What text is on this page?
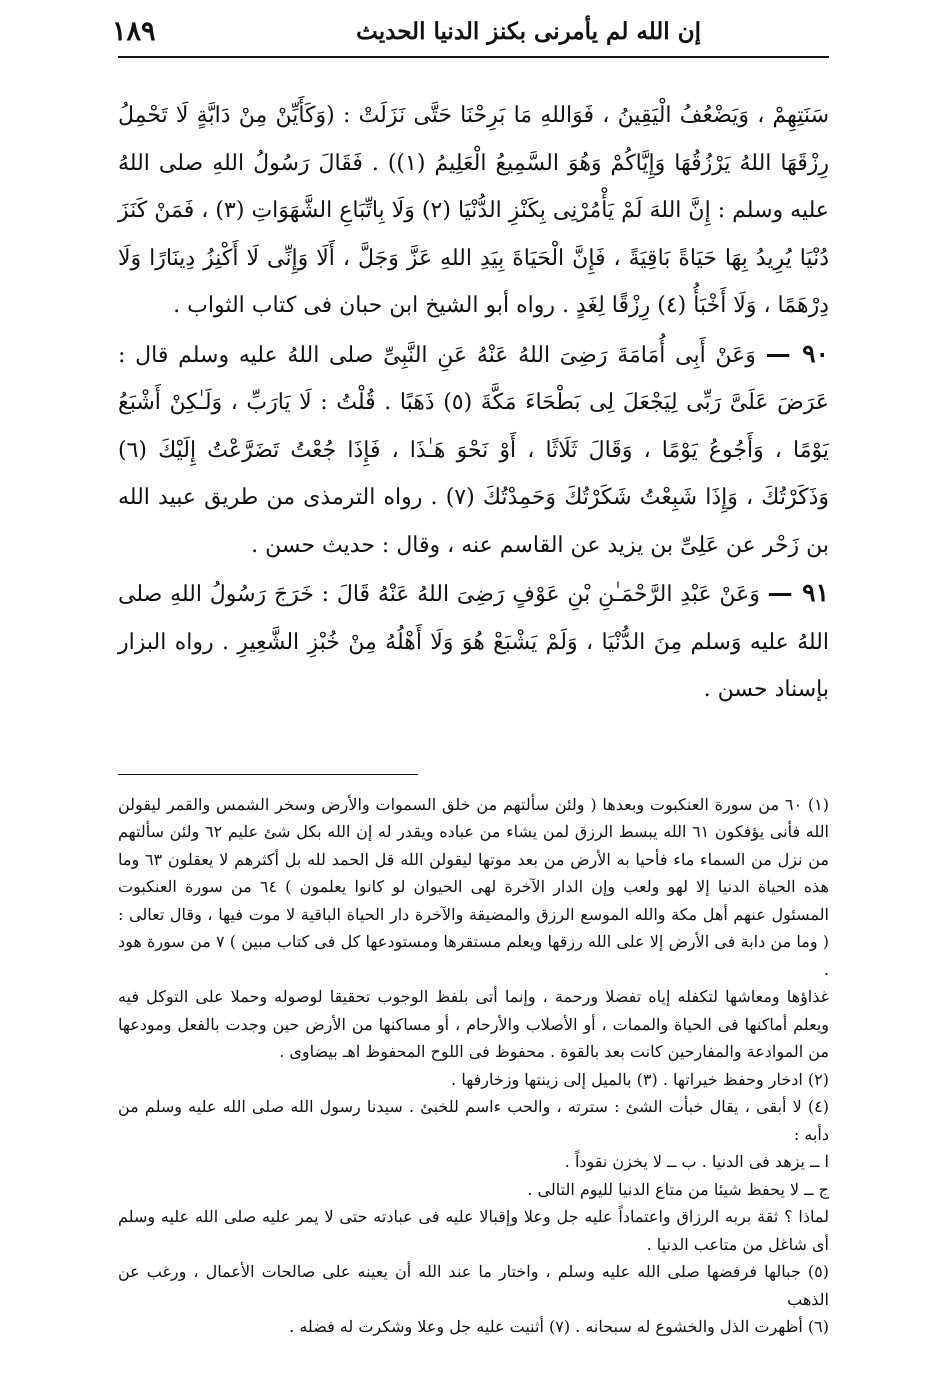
١٨٩	إن الله لم يأمرنى بكنز الدنيا الحديث

سَنَتِهِمْ ، وَيَضْعُفُ الْيَقِينُ ، فَوَاللهِ مَا بَرِحْنَا حَتَّى نَزَلَتْ : (وَكَأَيِّنْ مِنْ دَابَّةٍ لَا تَحْمِلُ رِزْقَهَا اللهُ يَرْزُقُهَا وَإِيَّاكُمْ وَهُوَ السَّمِيعُ الْعَلِيمُ (١)) . فَقَالَ رَسُولُ اللهِ صلى اللهُ عليه وسلم : إِنَّ اللهَ لَمْ يَأْمُرْنِى بِكَنْزِ الدُّنْيَا (٢) وَلَا بِاتِّبَاعِ الشَّهَوَاتِ (٣) ، فَمَنْ كَنَزَ دُنْيَا يُرِيدُ بِهَا حَيَاةً بَاقِيَةً ، فَإِنَّ الْحَيَاةَ بِيَدِ اللهِ عَزَّ وَجَلَّ ، أَلَا وَإِنِّى لَا أَكْنِزُ دِينَارًا وَلَا دِرْهَمًا ، وَلَا أَخْبَأُ (٤) رِزْقًا لِغَدٍ . رواه أبو الشيخ ابن حبان فى كتاب الثواب .

٩٠ — وَعَنْ أَبِى أُمَامَةَ رَضِىَ اللهُ عَنْهُ عَنِ النَّبِىِّ صلى اللهُ عليه وسلم قال : عَرَضَ عَلَىَّ رَبِّى لِيَجْعَلَ لِى بَطْحَاءَ مَكَّةَ (٥) ذَهَبًا . قُلْتُ : لَا يَارَبِّ ، وَلَـٰكِنْ أَشْبَعُ يَوْمًا ، وَأَجُوعُ يَوْمًا ، وَقَالَ ثَلَاثًا ، أَوْ نَحْوَ هَـٰذَا ، فَإِذَا جُعْتُ تَضَرَّعْتُ إِلَيْكَ (٦) وَذَكَرْتُكَ ، وَإِذَا شَبِعْتُ شَكَرْتُكَ وَحَمِدْتُكَ (٧) . رواه الترمذى من طريق عبيد الله بن زَحْر عن عَلِىِّ بن يزيد عن القاسم عنه ، وقال : حديث حسن .

٩١ — وَعَنْ عَبْدِ الرَّحْمَـٰنِ بْنِ عَوْفٍ رَضِىَ اللهُ عَنْهُ قَالَ : خَرَجَ رَسُولُ اللهِ صلى اللهُ عليه وَسلم مِنَ الدُّنْيَا ، وَلَمْ يَشْبَعْ هُوَ وَلَا أَهْلُهُ مِنْ خُبْزِ الشَّعِيرِ . رواه البزار بإسناد حسن .

(١) ٦٠ من سورة العنكبوت وبعدها ( ولئن سألتهم من خلق السموات والأرض وسخر الشمس والقمر ليقولن الله فأنى يؤفكون ٦١ الله يبسط الرزق لمن يشاء من عباده ويقدر له إن الله بكل شئ عليم ٦٢ ولئن سألتهم من نزل من السماء ماء فأحيا به الأرض من بعد موتها ليقولن الله قل الحمد لله بل أكثرهم لا يعقلون ٦٣ وما هذه الحياة الدنيا إلا لهو ولعب وإن الدار الآخرة لهى الحيوان لو كانوا يعلمون ) ٦٤ من سورة العنكبوت المسئول عنهم أهل مكة والله الموسع الرزق والمضيقة والآخرة دار الحياة الباقية لا موت فيها ، وقال تعالى : ( وما من دابة فى الأرض إلا على الله رزقها ويعلم مستقرها ومستودعها كل فى كتاب مبين ) ٧ من سورة هود .

غذاؤها ومعاشها لتكفله إياه تفضلا ورحمة ، وإنما أتى بلفظ الوجوب تحقيقا لوصوله وحملا على التوكل فيه ويعلم أماكنها فى الحياة والممات ، أو الأصلاب والأرحام ، أو مساكنها من الأرض حين وجدت بالفعل ومودعها من الموادعة والمفارحين كانت بعد بالقوة . محفوظ فى اللوح المحفوظ اهـ بيضاوى .

(٢) ادخار وحفظ خيراتها . (٣) بالميل إلى زينتها وزخارفها .

(٤) لا أبقى ، يقال خبأت الشئ : سترته ، والحب ءاسم للخبئ . سيدنا رسول الله صلى الله عليه وسلم من دأبه :

ا ــ يزهد فى الدنيا . ب ــ لا يخزن نقوداً .

ج ــ لا يحفظ شيئا من متاع الدنيا لليوم التالى .

لماذا ؟ ثقة بربه الرزاق واعتماداً عليه جل وعلا وإقبالا عليه فى عبادته حتى لا يمر عليه صلى الله عليه وسلم أى شاغل من متاعب الدنيا .

(٥) جبالها فرفضها صلى الله عليه وسلم ، واختار ما عند الله أن يعينه على صالحات الأعمال ، ورغب عن الذهب

(٦) أظهرت الذل والخشوع له سبحانه . (٧) أثنيت عليه جل وعلا وشكرت له فضله .
